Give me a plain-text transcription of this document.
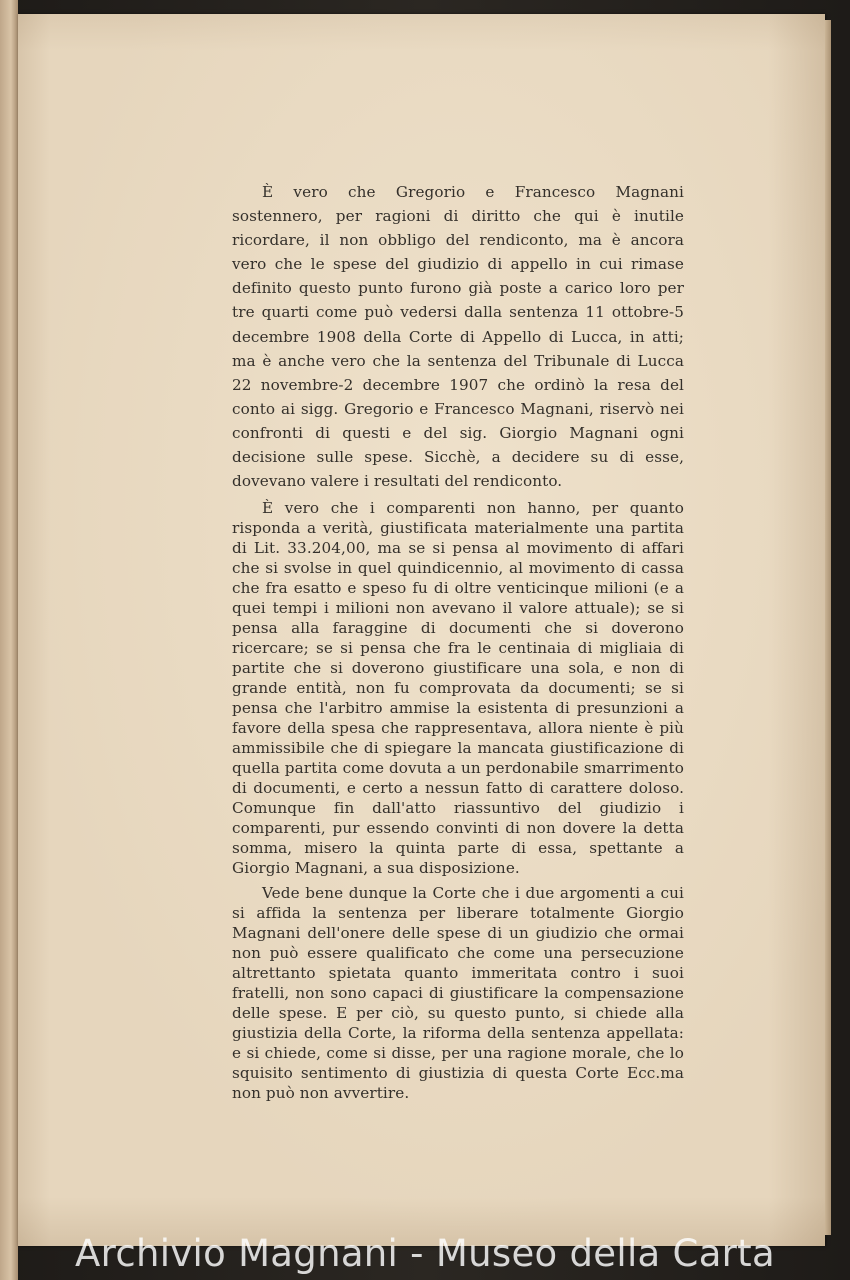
È vero che Gregorio e Francesco Magnani sostennero, per ragioni di diritto che qui è inutile ricordare, il non obbligo del rendiconto, ma è ancora vero che le spese del giudizio di appello in cui rimase definito questo punto furono già poste a carico loro per tre quarti come può vedersi dalla sentenza 11 ottobre-5 decembre 1908 della Corte di Appello di Lucca, in atti; ma è anche vero che la sentenza del Tribunale di Lucca 22 novembre-2 decembre 1907 che ordinò la resa del conto ai sigg. Gregorio e Francesco Magnani, riservò nei confronti di questi e del sig. Giorgio Magnani ogni decisione sulle spese. Sicchè, a decidere su di esse, dovevano valere i resultati del rendiconto.

È vero che i comparenti non hanno, per quanto risponda a verità, giustificata materialmente una partita di Lit. 33.204,00, ma se si pensa al movimento di affari che si svolse in quel quindicennio, al movimento di cassa che fra esatto e speso fu di oltre venticinque milioni (e a quei tempi i milioni non avevano il valore attuale); se si pensa alla faraggine di documenti che si doverono ricercare; se si pensa che fra le centinaia di migliaia di partite che si doverono giustificare una sola, e non di grande entità, non fu comprovata da documenti; se si pensa che l'arbitro ammise la esistenta di presunzioni a favore della spesa che rappresentava, allora niente è più ammissibile che di spiegare la mancata giustificazione di quella partita come dovuta a un perdonabile smarrimento di documenti, e certo a nessun fatto di carattere doloso. Comunque fin dall'atto riassuntivo del giudizio i comparenti, pur essendo convinti di non dovere la detta somma, misero la quinta parte di essa, spettante a Giorgio Magnani, a sua disposizione.

Vede bene dunque la Corte che i due argomenti a cui si affida la sentenza per liberare totalmente Giorgio Magnani dell'onere delle spese di un giudizio che ormai non può essere qualificato che come una persecuzione altrettanto spietata quanto immeritata contro i suoi fratelli, non sono capaci di giustificare la compensazione delle spese. E per ciò, su questo punto, si chiede alla giustizia della Corte, la riforma della sentenza appellata: e si chiede, come si disse, per una ragione morale, che lo squisito sentimento di giustizia di questa Corte Ecc.ma non può non avvertire.

Archivio Magnani - Museo della Carta
